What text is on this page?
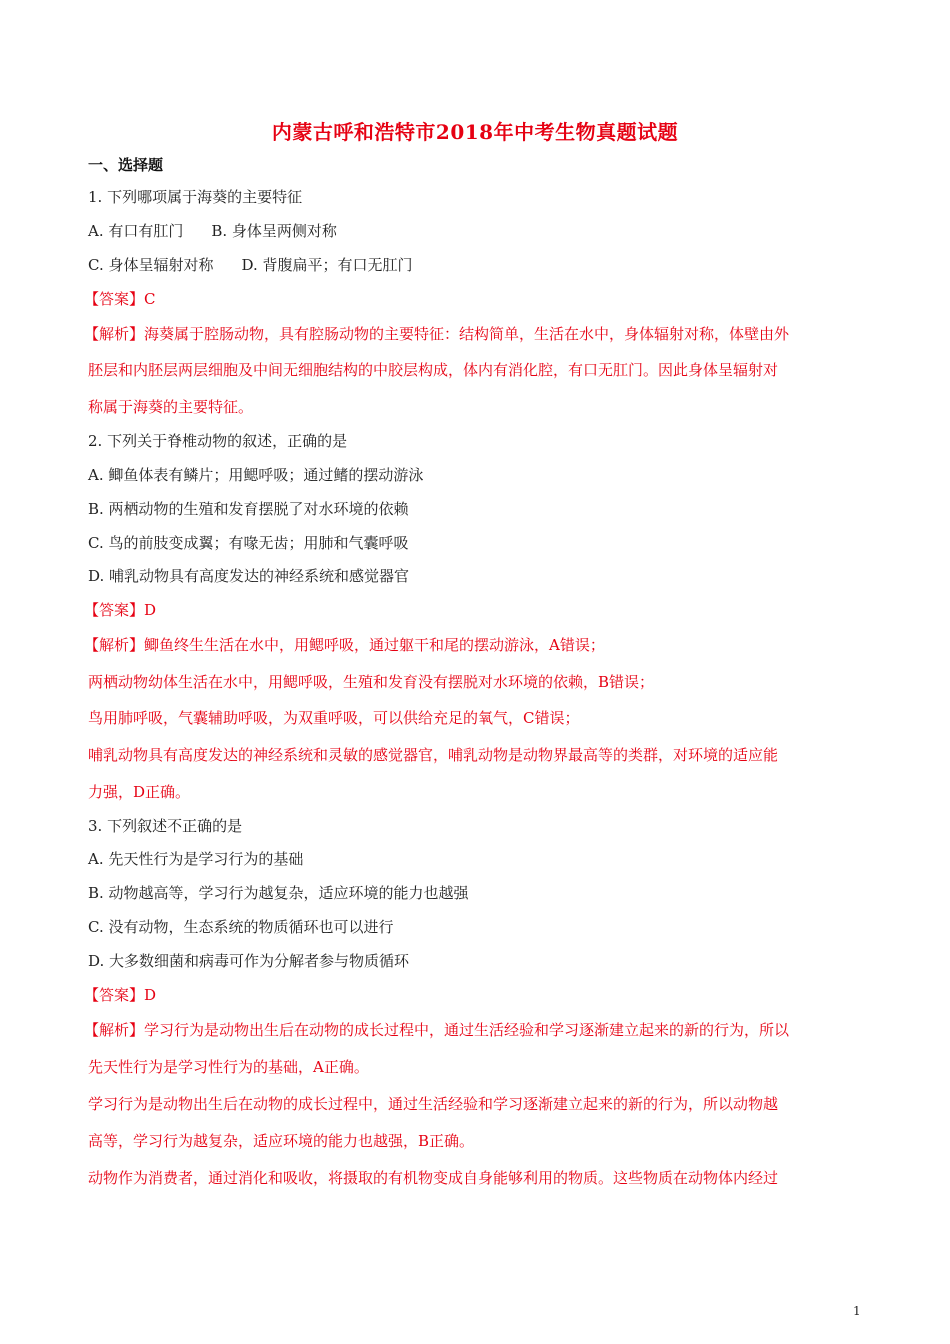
内蒙古呼和浩特市2018年中考生物真题试题
一、选择题
1. 下列哪项属于海葵的主要特征
A. 有口有肛门 B. 身体呈两侧对称
C. 身体呈辐射对称 D. 背腹扁平；有口无肛门
【答案】C
【解析】海葵属于腔肠动物，具有腔肠动物的主要特征：结构简单，生活在水中，身体辐射对称，体壁由外
胚层和内胚层两层细胞及中间无细胞结构的中胶层构成，体内有消化腔，有口无肛门。因此身体呈辐射对
称属于海葵的主要特征。
2. 下列关于脊椎动物的叙述，正确的是
A. 鲫鱼体表有鳞片；用鳃呼吸；通过鳍的摆动游泳
B. 两栖动物的生殖和发育摆脱了对水环境的依赖
C. 鸟的前肢变成翼；有喙无齿；用肺和气囊呼吸
D. 哺乳动物具有高度发达的神经系统和感觉器官
【答案】D
【解析】鲫鱼终生生活在水中，用鳃呼吸，通过躯干和尾的摆动游泳，A错误；
两栖动物幼体生活在水中，用鳃呼吸，生殖和发育没有摆脱对水环境的依赖，B错误；
鸟用肺呼吸，气囊辅助呼吸，为双重呼吸，可以供给充足的氧气，C错误；
哺乳动物具有高度发达的神经系统和灵敏的感觉器官，哺乳动物是动物界最高等的类群，对环境的适应能
力强，D正确。
3. 下列叙述不正确的是
A. 先天性行为是学习行为的基础
B. 动物越高等，学习行为越复杂，适应环境的能力也越强
C. 没有动物，生态系统的物质循环也可以进行
D. 大多数细菌和病毒可作为分解者参与物质循环
【答案】D
【解析】学习行为是动物出生后在动物的成长过程中，通过生活经验和学习逐渐建立起来的新的行为，所以
先天性行为是学习性行为的基础，A正确。
学习行为是动物出生后在动物的成长过程中，通过生活经验和学习逐渐建立起来的新的行为，所以动物越
高等，学习行为越复杂，适应环境的能力也越强，B正确。
动物作为消费者，通过消化和吸收，将摄取的有机物变成自身能够利用的物质。这些物质在动物体内经过
1
